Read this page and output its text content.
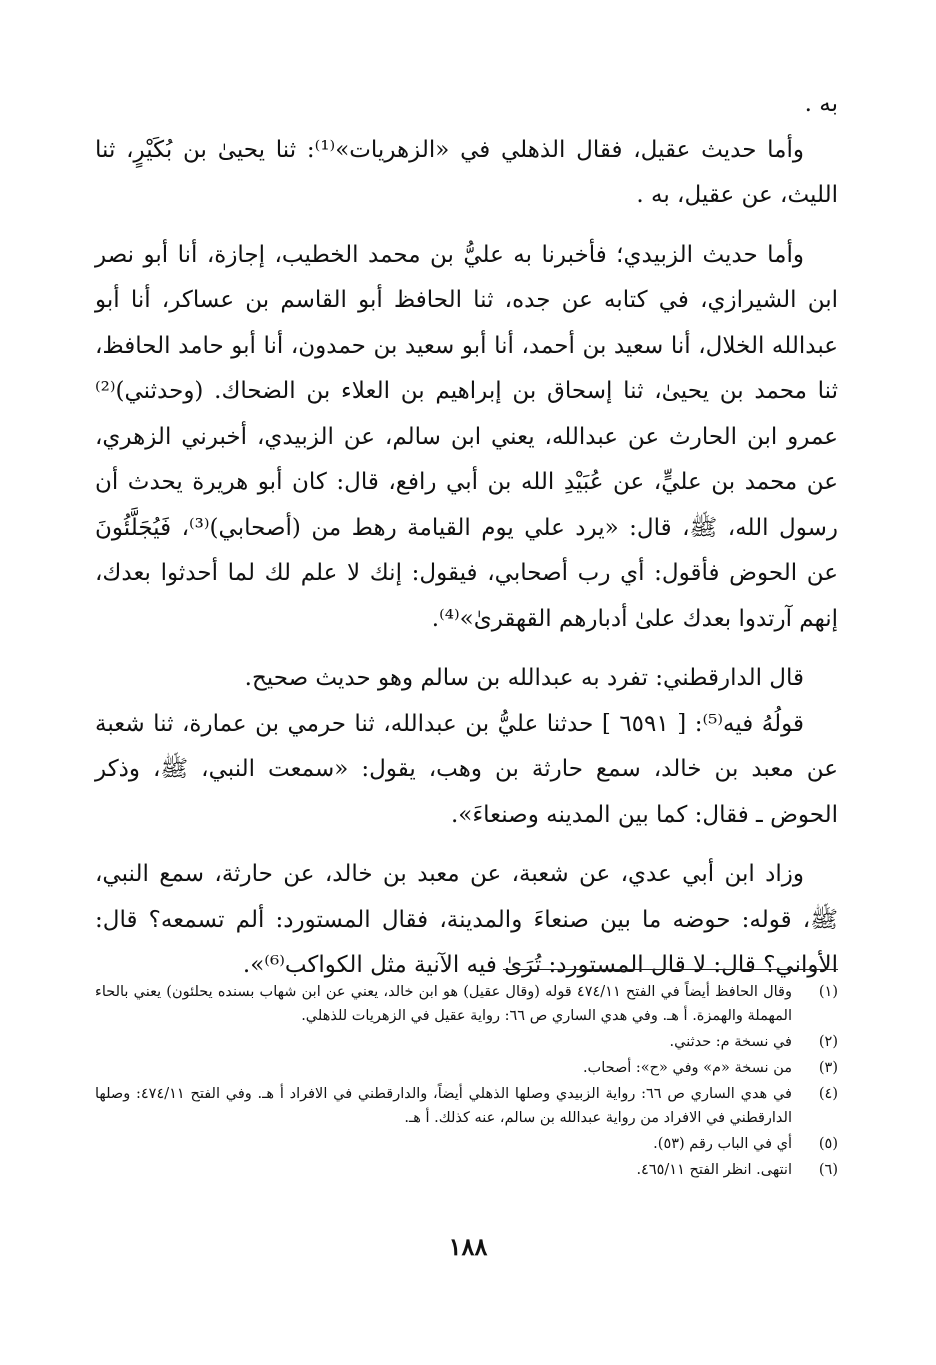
به .

وأما حديث عقيل، فقال الذهلي في «الزهريات»⁽¹⁾: ثنا يحيىٰ بن بُكَيْرٍ، ثنا الليث، عن عقيل، به .

وأما حديث الزبيدي؛ فأخبرنا به عليُّ بن محمد الخطيب، إجازة، أنا أبو نصر ابن الشيرازي، في كتابه عن جده، ثنا الحافظ أبو القاسم بن عساكر، أنا أبو عبدالله الخلال، أنا سعيد بن أحمد، أنا أبو سعيد بن حمدون، أنا أبو حامد الحافظ، ثنا محمد بن يحيىٰ، ثنا إسحاق بن إبراهيم بن العلاء بن الضحاك. (وحدثني)⁽²⁾ عمرو ابن الحارث عن عبدالله، يعني ابن سالم، عن الزبيدي، أخبرني الزهري، عن محمد بن عليٍّ، عن عُبَيْدِ الله بن أبي رافع، قال: كان أبو هريرة يحدث أن رسول الله، ﷺ، قال: «يرد علي يوم القيامة رهط من (أصحابي)⁽³⁾، فَيُجَلَّئُونَ عن الحوض فأقول: أي رب أصحابي، فيقول: إنك لا علم لك لما أحدثوا بعدك، إنهم آرتدوا بعدك علىٰ أدبارهم القهقرىٰ»⁽⁴⁾.

قال الدارقطني: تفرد به عبدالله بن سالم وهو حديث صحيح.

قولُهُ فيه⁽⁵⁾: [ ٦٥٩١ ] حدثنا عليُّ بن عبدالله، ثنا حرمي بن عمارة، ثنا شعبة عن معبد بن خالد، سمع حارثة بن وهب، يقول: «سمعت النبي، ﷺ، وذكر الحوض ـ فقال: كما بين المدينه وصنعاءَ».

وزاد ابن أبي عدي، عن شعبة، عن معبد بن خالد، عن حارثة، سمع النبي، ﷺ، قوله: حوضه ما بين صنعاءَ والمدينة، فقال المستورد: ألم تسمعه؟ قال: الأواني؟ قال: لا قال المستورد: تُرَىٰ فيه الآنية مثل الكواكب⁽⁶⁾».

(١)
وقال الحافظ أيضاً في الفتح ٤٧٤/١١ قوله (وقال عقيل) هو ابن خالد، يعني عن ابن شهاب بسنده يحلئون) يعني بالحاء المهملة والهمزة. أ هـ. وفي هدي الساري ص ٦٦: رواية عقيل في الزهريات للذهلي.
(٢)
في نسخة م: حدثني.
(٣)
من نسخة «م» وفي «ح»: أصحاب.
(٤)
في هدي الساري ص ٦٦: رواية الزبيدي وصلها الذهلي أيضاً، والدارقطني في الافراد أ هـ. وفي الفتح ٤٧٤/١١: وصلها الدارقطني في الافراد من رواية عبدالله بن سالم، عنه كذلك. أ هـ.
(٥)
أي في الباب رقم (٥٣).
(٦)
انتهى. انظر الفتح ٤٦٥/١١.
١٨٨
